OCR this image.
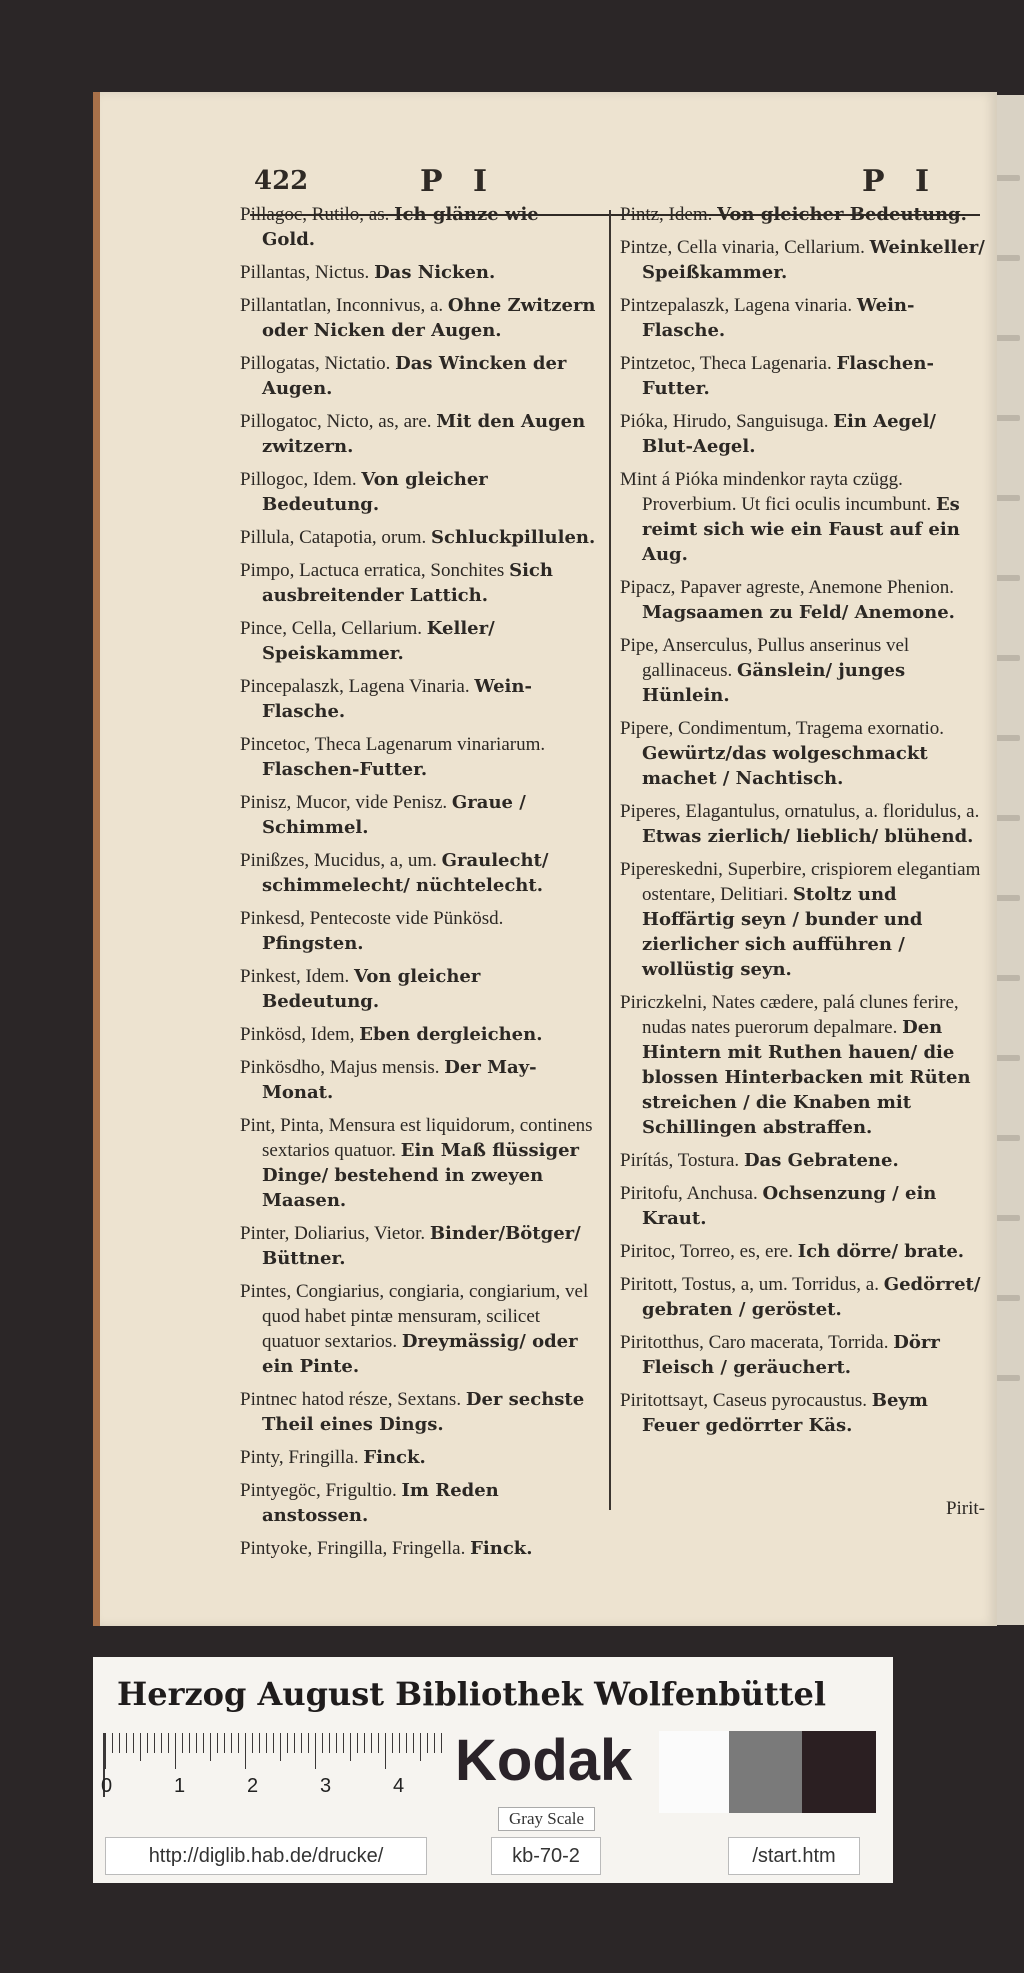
422	P I	P I

Pillagoc, Rutilo, as. Ich glänze wie Gold.

Pillantas, Nictus. Das Nicken.

Pillantatlan, Inconnivus, a. Ohne Zwitzern oder Nicken der Augen.

Pillogatas, Nictatio. Das Wincken der Augen.

Pillogatoc, Nicto, as, are. Mit den Augen zwitzern.

Pillogoc, Idem. Von gleicher Bedeutung.

Pillula, Catapotia, orum. Schluckpillulen.

Pimpo, Lactuca erratica, Sonchites Sich ausbreitender Lattich.

Pince, Cella, Cellarium. Keller/ Speiskammer.

Pincepalaszk, Lagena Vinaria. Wein-Flasche.

Pincetoc, Theca Lagenarum vinariarum. Flaschen-Futter.

Pinisz, Mucor, vide Penisz. Graue / Schimmel.

Pinißzes, Mucidus, a, um. Graulecht/ schimmelecht/ nüchtelecht.

Pinkesd, Pentecoste vide Pünkösd. Pfingsten.

Pinkest, Idem. Von gleicher Bedeutung.

Pinkösd, Idem, Eben dergleichen.

Pinkösdho, Majus mensis. Der May-Monat.

Pint, Pinta, Mensura est liquidorum, continens sextarios quatuor. Ein Maß flüssiger Dinge/ bestehend in zweyen Maasen.

Pinter, Doliarius, Vietor. Binder/Bötger/ Büttner.

Pintes, Congiarius, congiaria, congiarium, vel quod habet pintæ mensuram, scilicet quatuor sextarios. Dreymässig/ oder ein Pinte.

Pintnec hatod része, Sextans. Der sechste Theil eines Dings.

Pinty, Fringilla. Finck.

Pintyegöc, Frigultio. Im Reden anstossen.

Pintyoke, Fringilla, Fringella. Finck.

Pintz, Idem. Von gleicher Bedeutung.

Pintze, Cella vinaria, Cellarium. Weinkeller/ Speißkammer.

Pintzepalaszk, Lagena vinaria. Wein-Flasche.

Pintzetoc, Theca Lagenaria. Flaschen-Futter.

Pióka, Hirudo, Sanguisuga. Ein Aegel/ Blut-Aegel.

Mint á Pióka mindenkor rayta czügg. Proverbium. Ut fici oculis incumbunt. Es reimt sich wie ein Faust auf ein Aug.

Pipacz, Papaver agreste, Anemone Phenion. Magsaamen zu Feld/ Anemone.

Pipe, Anserculus, Pullus anserinus vel gallinaceus. Gänslein/ junges Hünlein.

Pipere, Condimentum, Tragema exornatio. Gewürtz/das wolgeschmackt machet / Nachtisch.

Piperes, Elagantulus, ornatulus, a. floridulus, a. Etwas zierlich/ lieblich/ blühend.

Pipereskedni, Superbire, crispiorem elegantiam ostentare, Delitiari. Stoltz und Hoffärtig seyn / bunder und zierlicher sich aufführen / wollüstig seyn.

Piriczkelni, Nates cædere, palá clunes ferire, nudas nates puerorum depalmare. Den Hintern mit Ruthen hauen/ die blossen Hinterbacken mit Rüten streichen / die Knaben mit Schillingen abstraffen.

Pirítás, Tostura. Das Gebratene.

Piritofu, Anchusa. Ochsenzung / ein Kraut.

Piritoc, Torreo, es, ere. Ich dörre/ brate.

Piritott, Tostus, a, um. Torridus, a. Gedörret/ gebraten / geröstet.

Piritotthus, Caro macerata, Torrida. Dörr Fleisch / geräuchert.

Piritottsayt, Caseus pyrocaustus. Beym Feuer gedörrter Käs.

Pirit-
Herzog August Bibliothek Wolfenbüttel
0	1	2	3	4 Kodak
Gray Scale
http://diglib.hab.de/drucke/	kb-70-2	/start.htm
